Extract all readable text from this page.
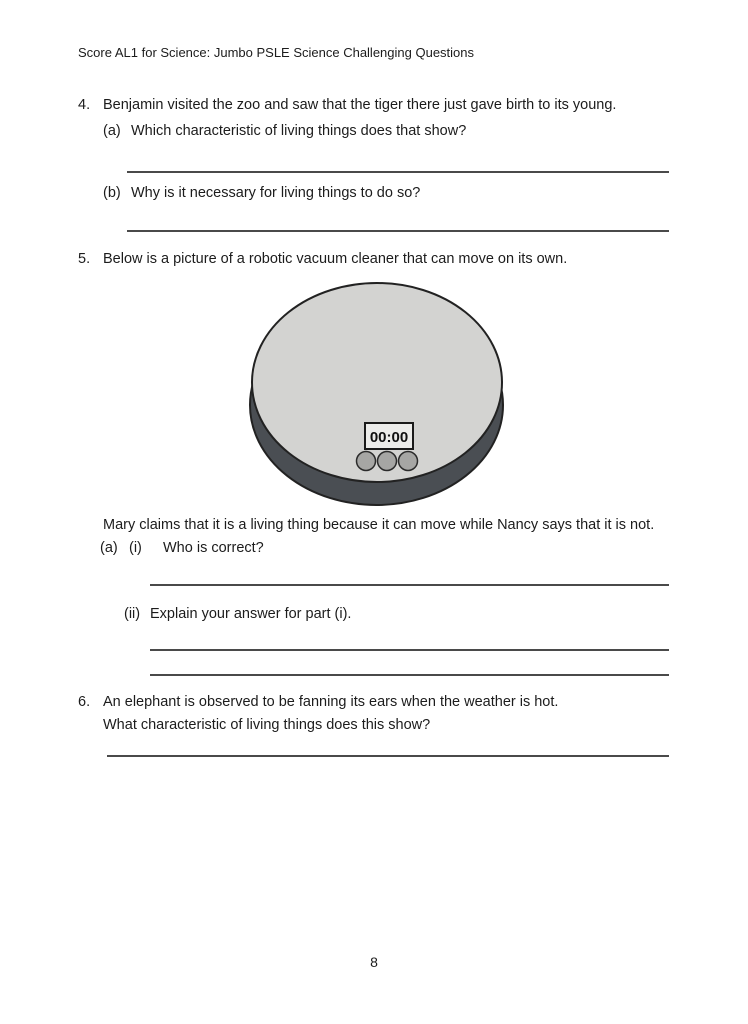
Score AL1 for Science: Jumbo PSLE Science Challenging Questions
4. Benjamin visited the zoo and saw that the tiger there just gave birth to its young.
(a) Which characteristic of living things does that show?
(b) Why is it necessary for living things to do so?
5. Below is a picture of a robotic vacuum cleaner that can move on its own.
00:00
Mary claims that it is a living thing because it can move while Nancy says that it is not.
(a) (i) Who is correct?
(ii) Explain your answer for part (i).
6. An elephant is observed to be fanning its ears when the weather is hot.
What characteristic of living things does this show?
8
